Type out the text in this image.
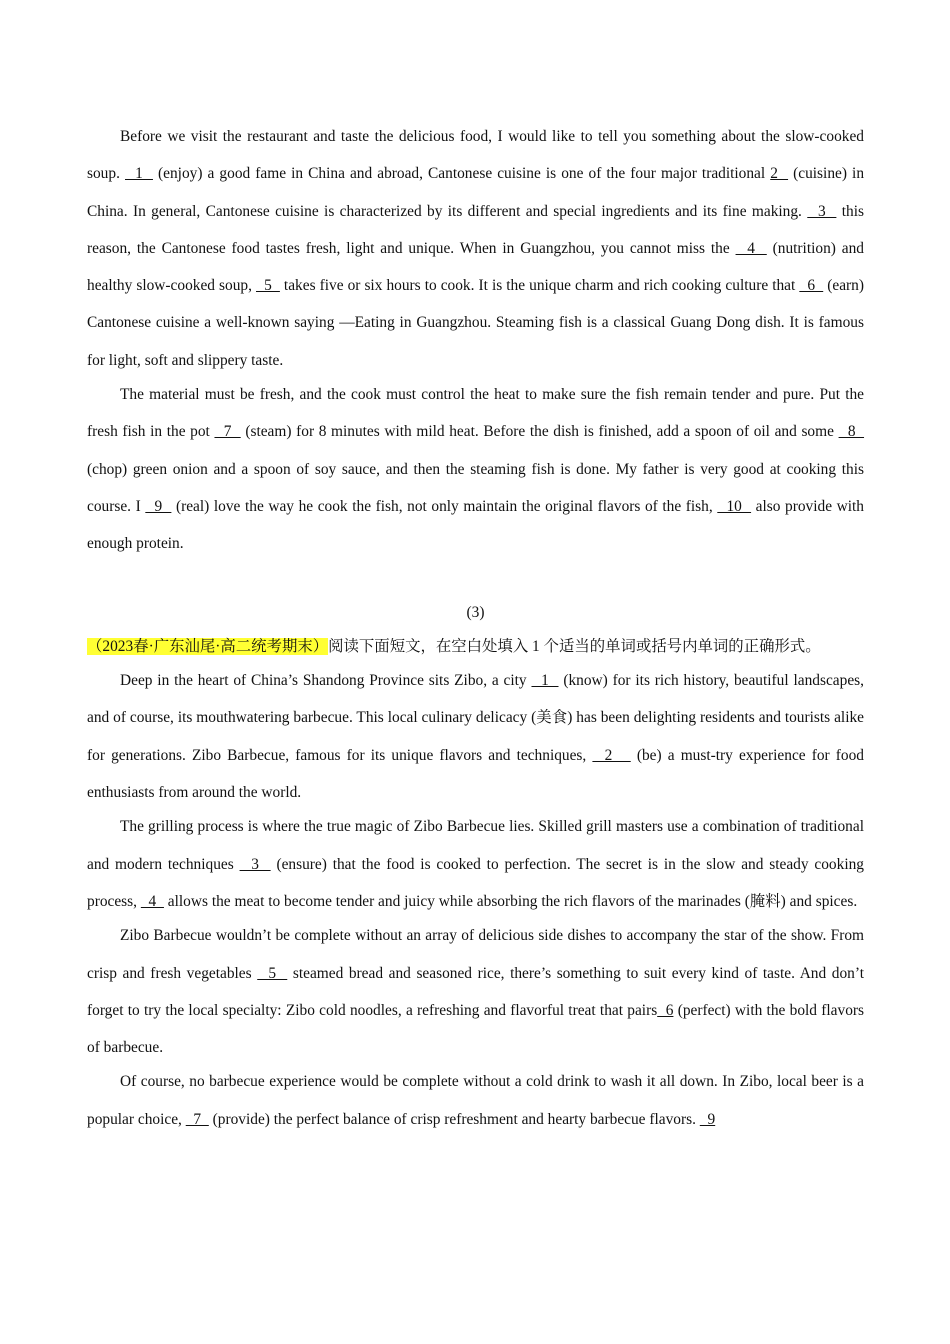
Before we visit the restaurant and taste the delicious food, I would like to tell you something about the slow-cooked soup.   1   (enjoy) a good fame in China and abroad, Cantonese cuisine is one of the four major traditional 2   (cuisine) in China. In general, Cantonese cuisine is characterized by its different and special ingredients and its fine making.   3   this reason, the Cantonese food tastes fresh, light and unique. When in Guangzhou, you cannot miss the   4   (nutrition) and healthy slow-cooked soup,   5   takes five or six hours to cook. It is the unique charm and rich cooking culture that   6   (earn) Cantonese cuisine a well-known saying —Eating in Guangzhou. Steaming fish is a classical Guang Dong dish. It is famous for light, soft and slippery taste.

The material must be fresh, and the cook must control the heat to make sure the fish remain tender and pure. Put the fresh fish in the pot   7   (steam) for 8 minutes with mild heat. Before the dish is finished, add a spoon of oil and some   8   (chop) green onion and a spoon of soy sauce, and then the steaming fish is done. My father is very good at cooking this course. I   9   (real) love the way he cook the fish, not only maintain the original flavors of the fish,   10   also provide with enough protein.

(3)

（2023春·广东汕尾·高二统考期末）阅读下面短文，在空白处填入 1 个适当的单词或括号内单词的正确形式。

Deep in the heart of China’s Shandong Province sits Zibo, a city   1   (know) for its rich history, beautiful landscapes, and of course, its mouthwatering barbecue. This local culinary delicacy (美食) has been delighting residents and tourists alike for generations. Zibo Barbecue, famous for its unique flavors and techniques,   2    (be) a must-try experience for food enthusiasts from around the world.

The grilling process is where the true magic of Zibo Barbecue lies. Skilled grill masters use a combination of traditional and modern techniques   3   (ensure) that the food is cooked to perfection. The secret is in the slow and steady cooking process,   4   allows the meat to become tender and juicy while absorbing the rich flavors of the marinades (腌料) and spices.

Zibo Barbecue wouldn’t be complete without an array of delicious side dishes to accompany the star of the show. From crisp and fresh vegetables   5   steamed bread and seasoned rice, there’s something to suit every kind of taste. And don’t forget to try the local specialty: Zibo cold noodles, a refreshing and flavorful treat that pairs  6 (perfect) with the bold flavors of barbecue.

Of course, no barbecue experience would be complete without a cold drink to wash it all down. In Zibo, local beer is a popular choice,   7   (provide) the perfect balance of crisp refreshment and hearty barbecue flavors.   9
